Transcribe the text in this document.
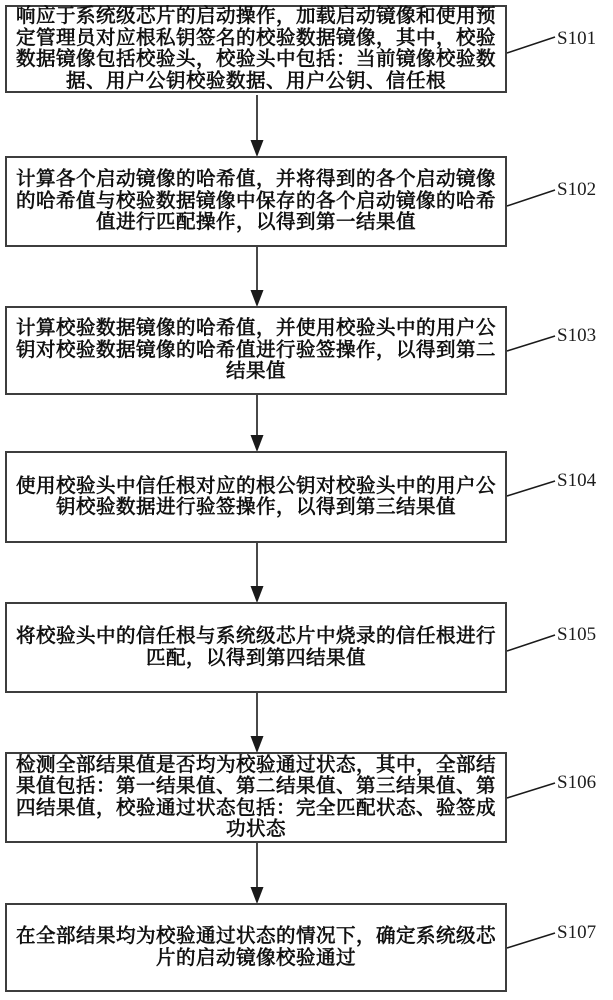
响应于系统级芯片的启动操作，加载启动镜像和使用预定管理员对应根私钥签名的校验数据镜像，其中，校验数据镜像包括校验头，校验头中包括：当前镜像校验数据、用户公钥校验数据、用户公钥、信任根
计算各个启动镜像的哈希值，并将得到的各个启动镜像的哈希值与校验数据镜像中保存的各个启动镜像的哈希值进行匹配操作，以得到第一结果值
计算校验数据镜像的哈希值，并使用校验头中的用户公钥对校验数据镜像的哈希值进行验签操作，以得到第二结果值
使用校验头中信任根对应的根公钥对校验头中的用户公钥校验数据进行验签操作，以得到第三结果值
将校验头中的信任根与系统级芯片中烧录的信任根进行匹配，以得到第四结果值
检测全部结果值是否均为校验通过状态，其中，全部结果值包括：第一结果值、第二结果值、第三结果值、第四结果值，校验通过状态包括：完全匹配状态、验签成功状态
在全部结果均为校验通过状态的情况下，确定系统级芯片的启动镜像校验通过
S101
S102
S103
S104
S105
S106
S107
